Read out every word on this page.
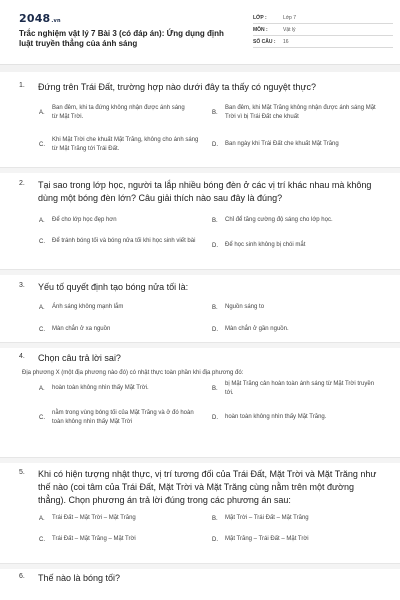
2048.vn
Trắc nghiệm vật lý 7 Bài 3 (có đáp án): Ứng dụng định luật truyền thẳng của ánh sáng
LỚP :	Lớp 7
MÔN :	Vật lý
SỐ CÂU :	16
1.	Đứng trên Trái Đất, trường hợp nào dưới đây ta thấy có nguyệt thực?
A.
Ban đêm, khi ta đứng không nhận được ánh sáng từ Mặt Trời.
B.
Ban đêm, khi Mặt Trăng không nhận được ánh sáng Mặt Trời vì bị Trái Đất che khuất
C.
Khi Mặt Trời che khuất Mặt Trăng, không cho ánh sáng từ Mặt Trăng tới Trái Đất.
D.	Ban ngày khi Trái Đất che khuất Mặt Trăng
2.	Tại sao trong lớp học, người ta lắp nhiều bóng đèn ở các vị trí khác nhau mà không dùng một bóng đèn lớn? Câu giải thích nào sau đây là đúng?
A.	Để cho lớp học đẹp hơn	B.	Chỉ để tăng cường độ sáng cho lớp học.
C.	Để tránh bóng tối và bóng nửa tối khi học sinh viết bài
D.	Để học sinh không bị chói mắt
3.	Yếu tố quyết định tạo bóng nửa tối là:
A.	Ánh sáng không mạnh lắm	B.	Nguồn sáng to
C.	Màn chắn ở xa nguồn	D.	Màn chắn ở gần nguồn.
4.	Chọn câu trả lời sai?
Địa phương X (một địa phương nào đó) có nhật thực toàn phần khi địa phương đó:
A.	hoàn toàn không nhìn thấy Mặt Trời.	B.
bị Mặt Trăng cản hoàn toàn ánh sáng từ Mặt Trời truyền tới.
C.
nằm trong vùng bóng tối của Mặt Trăng và ở đó hoàn toàn không nhìn thấy Mặt Trời
D.	hoàn toàn không nhìn thấy Mặt Trăng.
5.	Khi có hiện tượng nhật thực, vị trí tương đối của Trái Đất, Mặt Trời và Mặt Trăng như thế nào (coi tâm của Trái Đất, Mặt Trời và Mặt Trăng cùng nằm trên một đường thẳng). Chọn phương án trả lời đúng trong các phương án sau:
A.	Trái Đất – Mặt Trời – Mặt Trăng	B.	Mặt Trời – Trái Đất – Mặt Trăng
C.	Trái Đất – Mặt Trăng – Mặt Trời	D.	Mặt Trăng – Trái Đất – Mặt Trời
6.	Thế nào là bóng tối?
